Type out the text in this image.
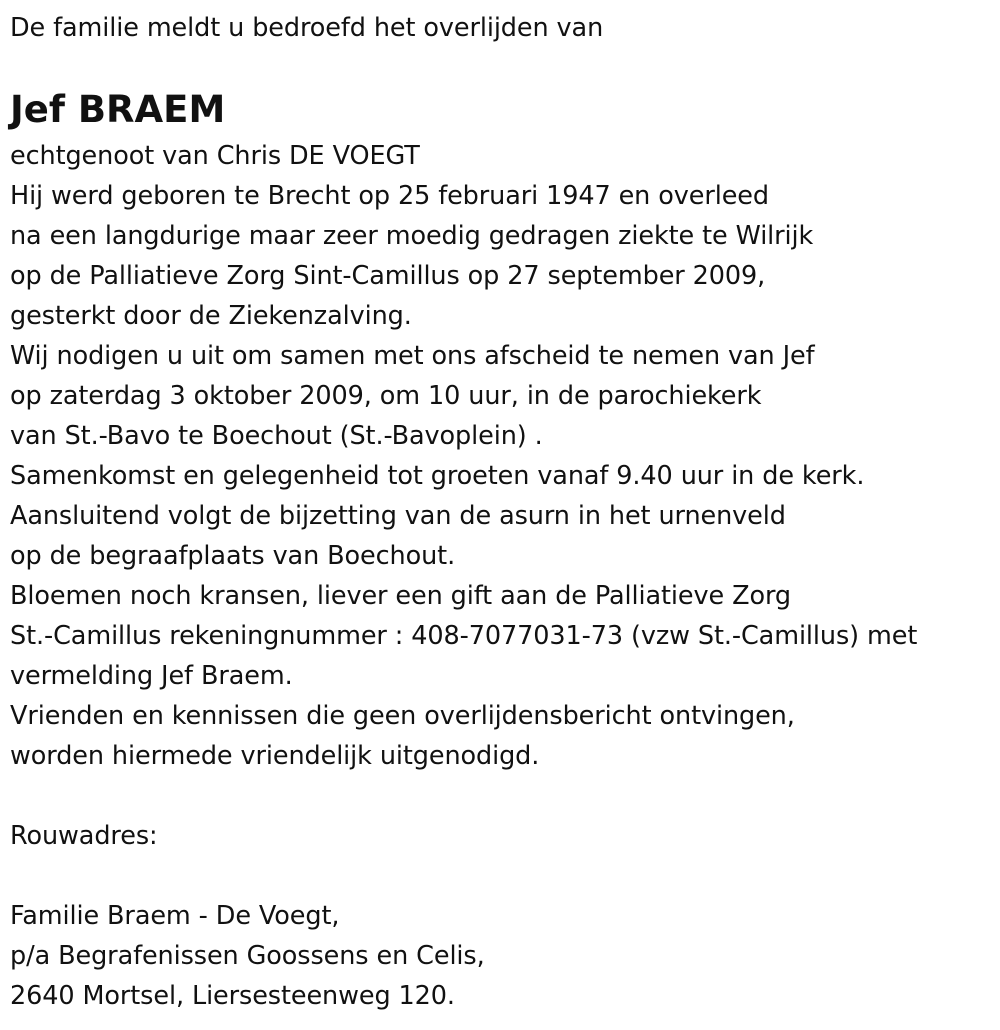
De familie meldt u bedroefd het overlijden van
Jef BRAEM
echtgenoot van Chris DE VOEGT
Hij werd geboren te Brecht op 25 februari 1947 en overleed
na een langdurige maar zeer moedig gedragen ziekte te Wilrijk
op de Palliatieve Zorg Sint-Camillus op 27 september 2009,
gesterkt door de Ziekenzalving.
Wij nodigen u uit om samen met ons afscheid te nemen van Jef
op zaterdag 3 oktober 2009, om 10 uur, in de parochiekerk
van St.-Bavo te Boechout (St.-Bavoplein) .
Samenkomst en gelegenheid tot groeten vanaf 9.40 uur in de kerk.
Aansluitend volgt de bijzetting van de asurn in het urnenveld
op de begraafplaats van Boechout.
Bloemen noch kransen, liever een gift aan de Palliatieve Zorg
St.-Camillus rekeningnummer : 408-7077031-73 (vzw St.-Camillus) met
vermelding Jef Braem.
Vrienden en kennissen die geen overlijdensbericht ontvingen,
worden hiermede vriendelijk uitgenodigd.
Rouwadres:
Familie Braem - De Voegt,
p/a Begrafenissen Goossens en Celis,
2640 Mortsel, Liersesteenweg 120.
